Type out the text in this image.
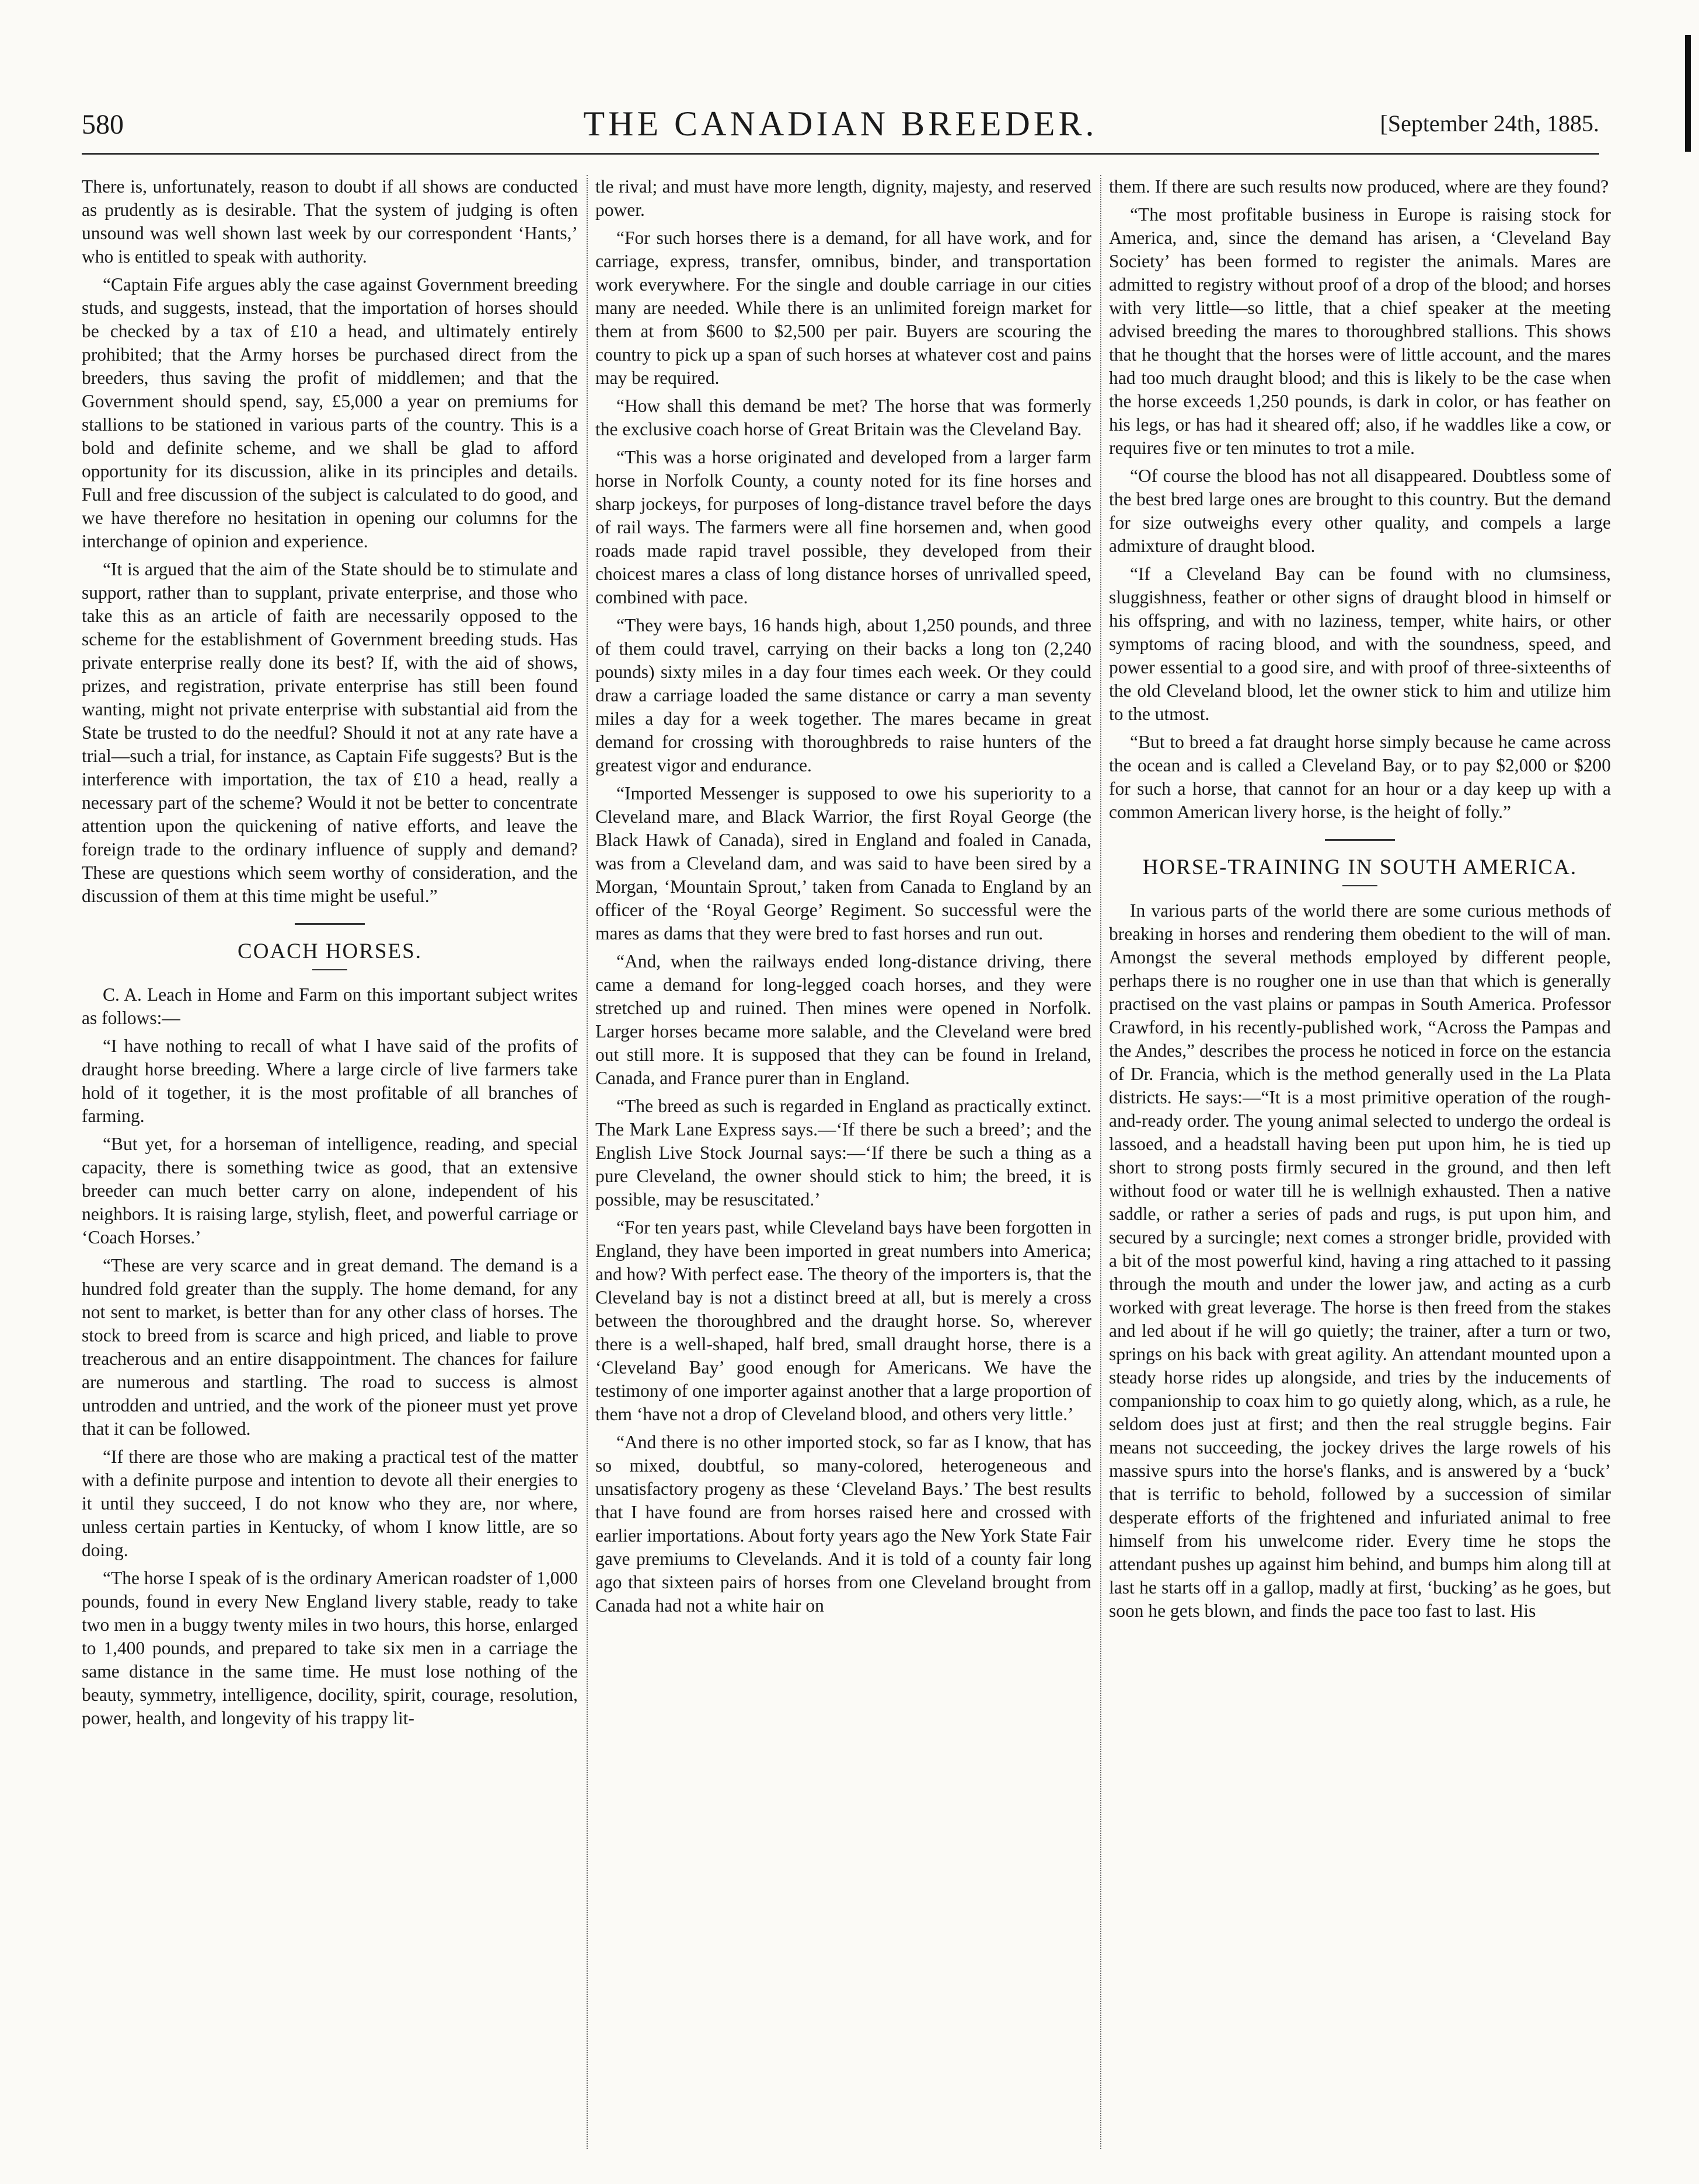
580	THE CANADIAN BREEDER.	[September 24th, 1885.

There is, unfortunately, reason to doubt if all shows are conducted as prudently as is desirable. That the system of judging is often unsound was well shown last week by our correspondent ‘Hants,’ who is entitled to speak with authority.

“Captain Fife argues ably the case against Government breeding studs, and suggests, instead, that the importation of horses should be checked by a tax of £10 a head, and ultimately entirely prohibited; that the Army horses be purchased direct from the breeders, thus saving the profit of middlemen; and that the Government should spend, say, £5,000 a year on premiums for stallions to be stationed in various parts of the country. This is a bold and definite scheme, and we shall be glad to afford opportunity for its discussion, alike in its principles and details. Full and free discussion of the subject is calculated to do good, and we have therefore no hesitation in opening our columns for the interchange of opinion and experience.

“It is argued that the aim of the State should be to stimulate and support, rather than to supplant, private enterprise, and those who take this as an article of faith are necessarily opposed to the scheme for the establishment of Government breeding studs. Has private enterprise really done its best? If, with the aid of shows, prizes, and registration, private enterprise has still been found wanting, might not private enterprise with substantial aid from the State be trusted to do the needful? Should it not at any rate have a trial—such a trial, for instance, as Captain Fife suggests? But is the interference with importation, the tax of £10 a head, really a necessary part of the scheme? Would it not be better to concentrate attention upon the quickening of native efforts, and leave the foreign trade to the ordinary influence of supply and demand? These are questions which seem worthy of consideration, and the discussion of them at this time might be useful.”

COACH HORSES.

C. A. Leach in Home and Farm on this important subject writes as follows:—

“I have nothing to recall of what I have said of the profits of draught horse breeding. Where a large circle of live farmers take hold of it together, it is the most profitable of all branches of farming.

“But yet, for a horseman of intelligence, reading, and special capacity, there is something twice as good, that an extensive breeder can much better carry on alone, independent of his neighbors. It is raising large, stylish, fleet, and powerful carriage or ‘Coach Horses.’

“These are very scarce and in great demand. The demand is a hundred fold greater than the supply. The home demand, for any not sent to market, is better than for any other class of horses. The stock to breed from is scarce and high priced, and liable to prove treacherous and an entire disappointment. The chances for failure are numerous and startling. The road to success is almost untrodden and untried, and the work of the pioneer must yet prove that it can be followed.

“If there are those who are making a practical test of the matter with a definite purpose and intention to devote all their energies to it until they succeed, I do not know who they are, nor where, unless certain parties in Kentucky, of whom I know little, are so doing.

“The horse I speak of is the ordinary American roadster of 1,000 pounds, found in every New England livery stable, ready to take two men in a buggy twenty miles in two hours, this horse, enlarged to 1,400 pounds, and prepared to take six men in a carriage the same distance in the same time. He must lose nothing of the beauty, symmetry, intelligence, docility, spirit, courage, resolution, power, health, and longevity of his trappy lit-

tle rival; and must have more length, dignity, majesty, and reserved power.

“For such horses there is a demand, for all have work, and for carriage, express, transfer, omnibus, binder, and transportation work everywhere. For the single and double carriage in our cities many are needed. While there is an unlimited foreign market for them at from $600 to $2,500 per pair. Buyers are scouring the country to pick up a span of such horses at whatever cost and pains may be required.

“How shall this demand be met? The horse that was formerly the exclusive coach horse of Great Britain was the Cleveland Bay.

“This was a horse originated and developed from a larger farm horse in Norfolk County, a county noted for its fine horses and sharp jockeys, for purposes of long-distance travel before the days of rail ways. The farmers were all fine horsemen and, when good roads made rapid travel possible, they developed from their choicest mares a class of long distance horses of unrivalled speed, combined with pace.

“They were bays, 16 hands high, about 1,250 pounds, and three of them could travel, carrying on their backs a long ton (2,240 pounds) sixty miles in a day four times each week. Or they could draw a carriage loaded the same distance or carry a man seventy miles a day for a week together. The mares became in great demand for crossing with thoroughbreds to raise hunters of the greatest vigor and endurance.

“Imported Messenger is supposed to owe his superiority to a Cleveland mare, and Black Warrior, the first Royal George (the Black Hawk of Canada), sired in England and foaled in Canada, was from a Cleveland dam, and was said to have been sired by a Morgan, ‘Mountain Sprout,’ taken from Canada to England by an officer of the ‘Royal George’ Regiment. So successful were the mares as dams that they were bred to fast horses and run out.

“And, when the railways ended long-distance driving, there came a demand for long-legged coach horses, and they were stretched up and ruined. Then mines were opened in Norfolk. Larger horses became more salable, and the Cleveland were bred out still more. It is supposed that they can be found in Ireland, Canada, and France purer than in England.

“The breed as such is regarded in England as practically extinct. The Mark Lane Express says.—‘If there be such a breed’; and the English Live Stock Journal says:—‘If there be such a thing as a pure Cleveland, the owner should stick to him; the breed, it is possible, may be resuscitated.’

“For ten years past, while Cleveland bays have been forgotten in England, they have been imported in great numbers into America; and how? With perfect ease. The theory of the importers is, that the Cleveland bay is not a distinct breed at all, but is merely a cross between the thoroughbred and the draught horse. So, wherever there is a well-shaped, half bred, small draught horse, there is a ‘Cleveland Bay’ good enough for Americans. We have the testimony of one importer against another that a large proportion of them ‘have not a drop of Cleveland blood, and others very little.’

“And there is no other imported stock, so far as I know, that has so mixed, doubtful, so many-colored, heterogeneous and unsatisfactory progeny as these ‘Cleveland Bays.’ The best results that I have found are from horses raised here and crossed with earlier importations. About forty years ago the New York State Fair gave premiums to Clevelands. And it is told of a county fair long ago that sixteen pairs of horses from one Cleveland brought from Canada had not a white hair on

them. If there are such results now produced, where are they found?

“The most profitable business in Europe is raising stock for America, and, since the demand has arisen, a ‘Cleveland Bay Society’ has been formed to register the animals. Mares are admitted to registry without proof of a drop of the blood; and horses with very little—so little, that a chief speaker at the meeting advised breeding the mares to thoroughbred stallions. This shows that he thought that the horses were of little account, and the mares had too much draught blood; and this is likely to be the case when the horse exceeds 1,250 pounds, is dark in color, or has feather on his legs, or has had it sheared off; also, if he waddles like a cow, or requires five or ten minutes to trot a mile.

“Of course the blood has not all disappeared. Doubtless some of the best bred large ones are brought to this country. But the demand for size outweighs every other quality, and compels a large admixture of draught blood.

“If a Cleveland Bay can be found with no clumsiness, sluggishness, feather or other signs of draught blood in himself or his offspring, and with no laziness, temper, white hairs, or other symptoms of racing blood, and with the soundness, speed, and power essential to a good sire, and with proof of three-sixteenths of the old Cleveland blood, let the owner stick to him and utilize him to the utmost.

“But to breed a fat draught horse simply because he came across the ocean and is called a Cleveland Bay, or to pay $2,000 or $200 for such a horse, that cannot for an hour or a day keep up with a common American livery horse, is the height of folly.”

HORSE-TRAINING IN SOUTH AMERICA.

In various parts of the world there are some curious methods of breaking in horses and rendering them obedient to the will of man. Amongst the several methods employed by different people, perhaps there is no rougher one in use than that which is generally practised on the vast plains or pampas in South America. Professor Crawford, in his recently-published work, “Across the Pampas and the Andes,” describes the process he noticed in force on the estancia of Dr. Francia, which is the method generally used in the La Plata districts. He says:—“It is a most primitive operation of the rough-and-ready order. The young animal selected to undergo the ordeal is lassoed, and a headstall having been put upon him, he is tied up short to strong posts firmly secured in the ground, and then left without food or water till he is wellnigh exhausted. Then a native saddle, or rather a series of pads and rugs, is put upon him, and secured by a surcingle; next comes a stronger bridle, provided with a bit of the most powerful kind, having a ring attached to it passing through the mouth and under the lower jaw, and acting as a curb worked with great leverage. The horse is then freed from the stakes and led about if he will go quietly; the trainer, after a turn or two, springs on his back with great agility. An attendant mounted upon a steady horse rides up alongside, and tries by the inducements of companionship to coax him to go quietly along, which, as a rule, he seldom does just at first; and then the real struggle begins. Fair means not succeeding, the jockey drives the large rowels of his massive spurs into the horse's flanks, and is answered by a ‘buck’ that is terrific to behold, followed by a succession of similar desperate efforts of the frightened and infuriated animal to free himself from his unwelcome rider. Every time he stops the attendant pushes up against him behind, and bumps him along till at last he starts off in a gallop, madly at first, ‘bucking’ as he goes, but soon he gets blown, and finds the pace too fast to last. His
